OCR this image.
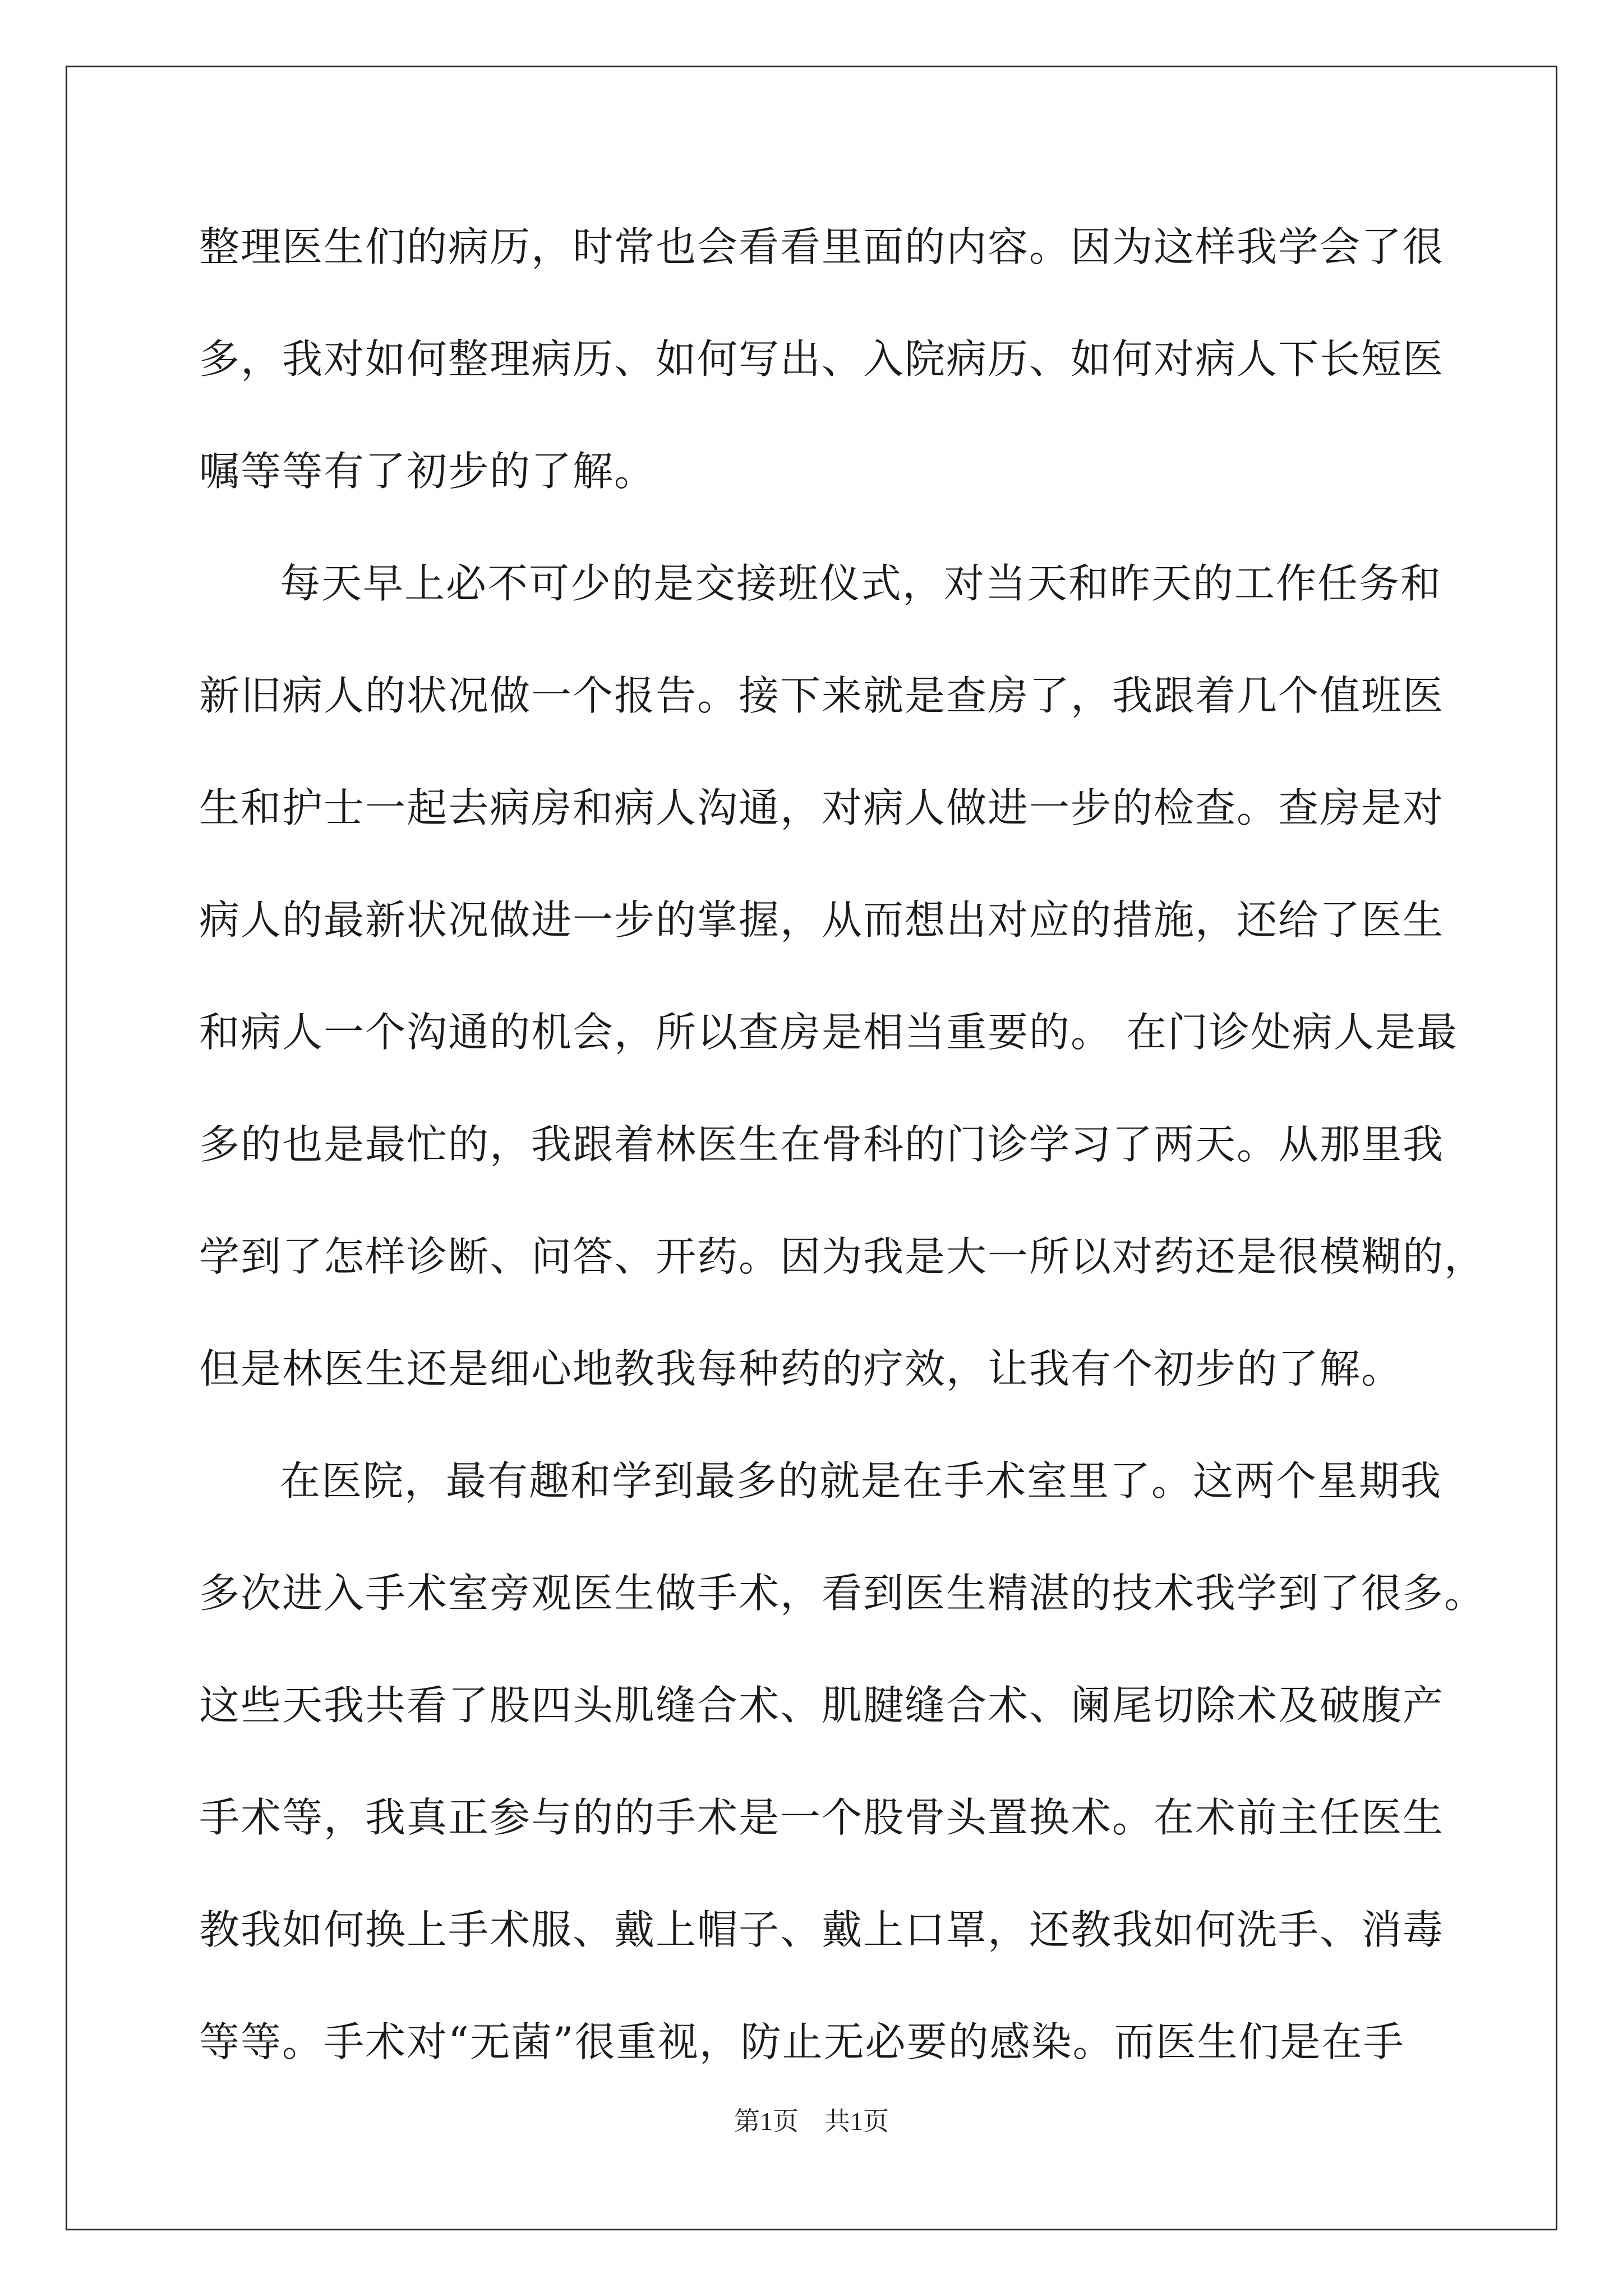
整理医生们的病历，时常也会看看里面的内容。因为这样我学会了很
多，我对如何整理病历、如何写出、入院病历、如何对病人下长短医
嘱等等有了初步的了解。
每天早上必不可少的是交接班仪式，对当天和昨天的工作任务和
新旧病人的状况做一个报告。接下来就是查房了，我跟着几个值班医
生和护士一起去病房和病人沟通，对病人做进一步的检查。查房是对
病人的最新状况做进一步的掌握，从而想出对应的措施，还给了医生
和病人一个沟通的机会，所以查房是相当重要的。 在门诊处病人是最
多的也是最忙的，我跟着林医生在骨科的门诊学习了两天。从那里我
学到了怎样诊断、问答、开药。因为我是大一所以对药还是很模糊的，
但是林医生还是细心地教我每种药的疗效，让我有个初步的了解。
在医院，最有趣和学到最多的就是在手术室里了。这两个星期我
多次进入手术室旁观医生做手术，看到医生精湛的技术我学到了很多。
这些天我共看了股四头肌缝合术、肌腱缝合术、阑尾切除术及破腹产
手术等，我真正参与的的手术是一个股骨头置换术。在术前主任医生
教我如何换上手术服、戴上帽子、戴上口罩，还教我如何洗手、消毒
等等。手术对“无菌”很重视，防止无必要的感染。而医生们是在手
第1页　共1页
